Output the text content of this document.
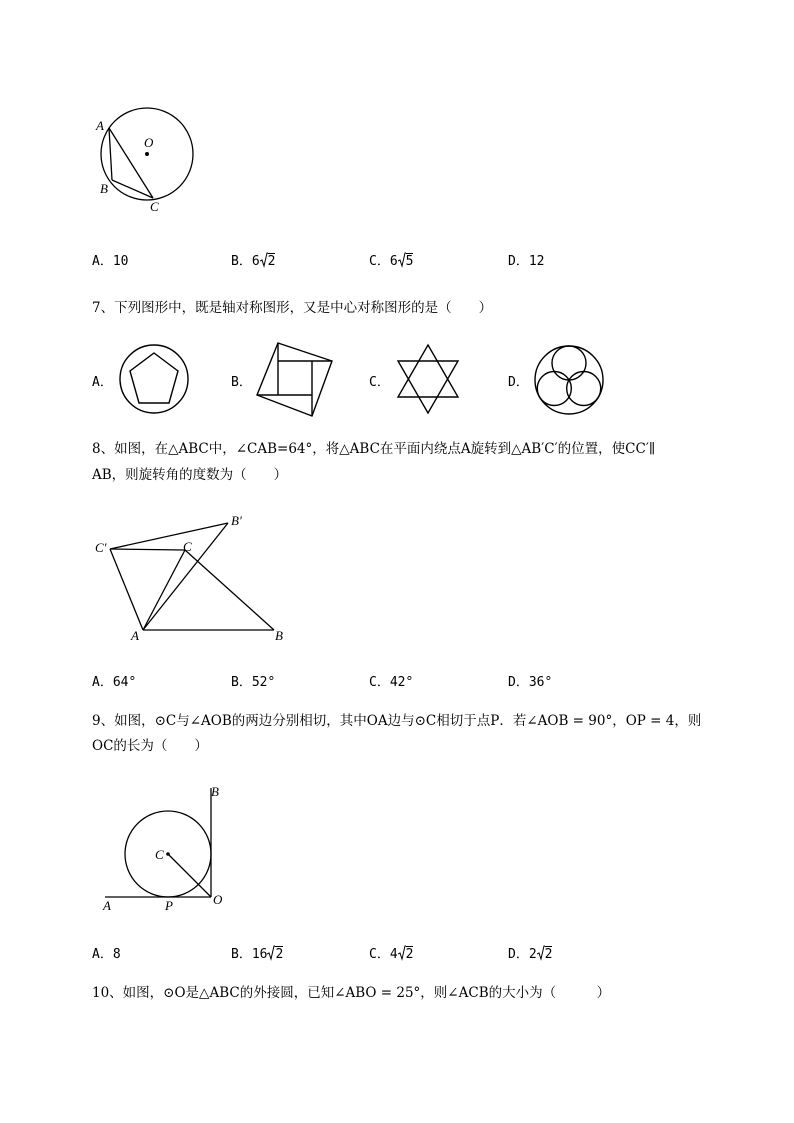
A
O
B
C
A．10	B．6 2	C．6 5	D．12
7、下列图形中，既是轴对称图形，又是中心对称图形的是（　　）
A．	B．	C．	D．
8、如图，在△ABC中，∠CAB=64°，将△ABC在平面内绕点A旋转到△AB′C′的位置，使CC′∥
AB，则旋转角的度数为（　　）
C′	C
B′
A	B
A．64°	B．52°	C．42°	D．36°
9、如图，⊙C与∠AOB的两边分别相切，其中OA边与⊙C相切于点P．若∠AOB = 90°，OP = 4，则
OC的长为（　　）
B
C
A	P	O
A．8	B．16 2	C．4 2	D．2 2
10、如图，⊙O是△ABC的外接圆，已知∠ABO = 25°，则∠ACB的大小为（　　　）
